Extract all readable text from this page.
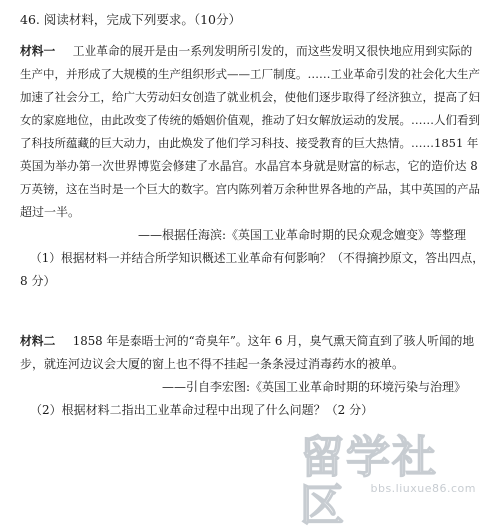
46. 阅读材料，完成下列要求。（10分）
材料一 工业革命的展开是由一系列发明所引发的，而这些发明又很快地应用到实际的
生产中，并形成了大规模的生产组织形式——工厂制度。……工业革命引发的社会化大生产
加速了社会分工，给广大劳动妇女创造了就业机会，使他们逐步取得了经济独立，提高了妇
女的家庭地位，由此改变了传统的婚姻价值观，推动了妇女解放运动的发展。……人们看到
了科技所蕴藏的巨大动力，由此焕发了他们学习科技、接受教育的巨大热情。……1851 年
英国为举办第一次世界博览会修建了水晶宫。水晶宫本身就是财富的标志，它的造价达 8
万英镑，这在当时是一个巨大的数字。宫内陈列着万余种世界各地的产品，其中英国的产品
超过一半。
——根据任海滨:《英国工业革命时期的民众观念嬗变》等整理
（1）根据材料一并结合所学知识概述工业革命有何影响？（不得摘抄原文，答出四点，
8 分）
材料二 1858 年是泰晤士河的“奇臭年”。这年 6 月，臭气熏天简直到了骇人听闻的地
步，就连河边议会大厦的窗上也不得不挂起一条条浸过消毒药水的被单。
——引自李宏图:《英国工业革命时期的环境污染与治理》
（2）根据材料二指出工业革命过程中出现了什么问题？（2 分）
留学社区	bbs.liuxue86.com
